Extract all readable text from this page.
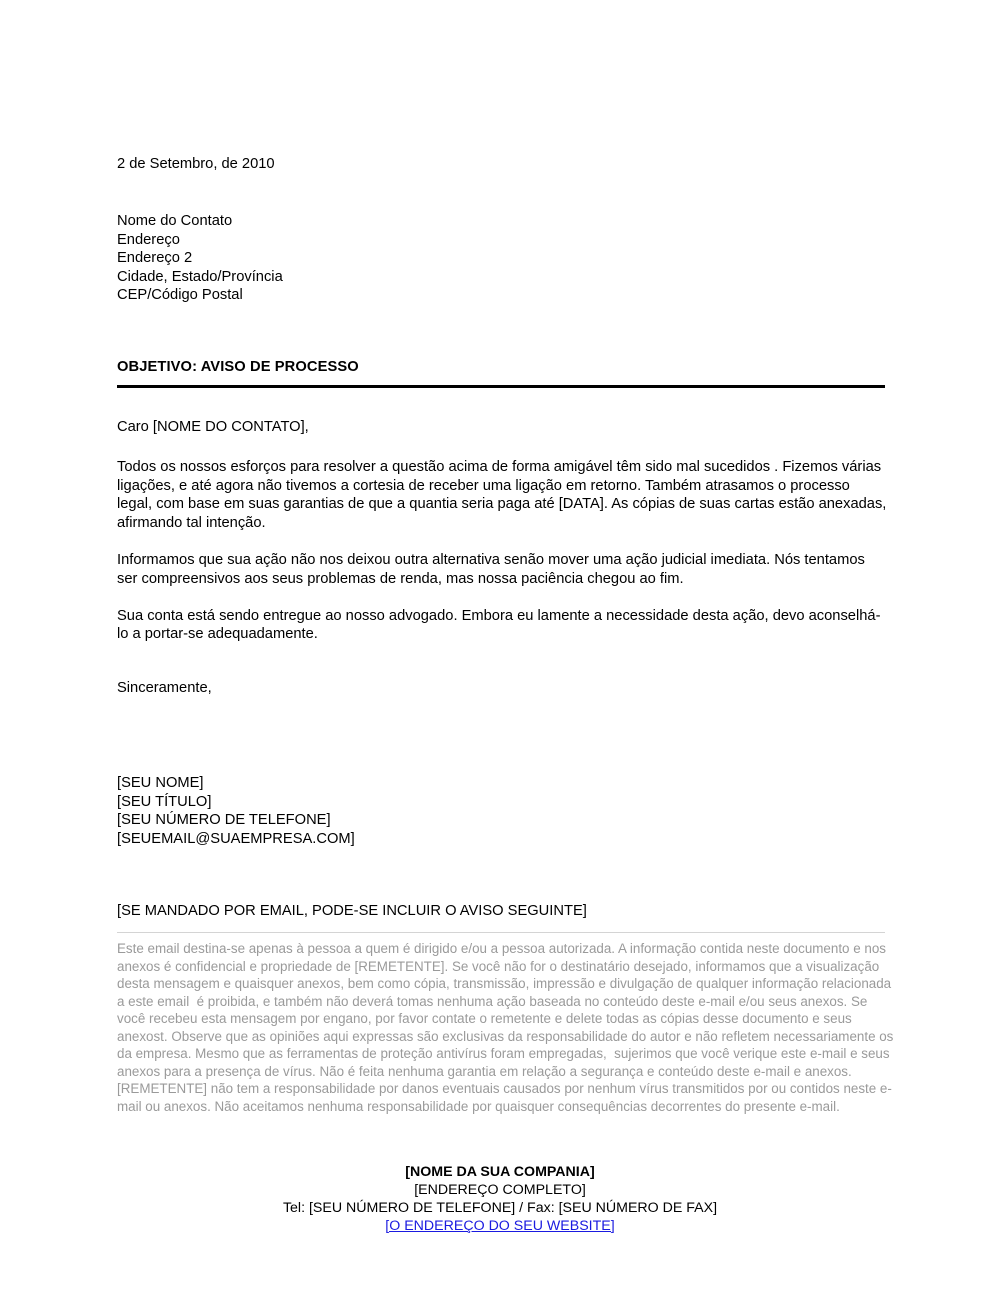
2 de Setembro, de 2010
Nome do Contato
Endereço
Endereço 2
Cidade, Estado/Província
CEP/Código Postal
OBJETIVO: AVISO DE PROCESSO
Caro [NOME DO CONTATO],

Todos os nossos esforços para resolver a questão acima de forma amigável têm sido mal sucedidos . Fizemos várias ligações, e até agora não tivemos a cortesia de receber uma ligação em retorno. Também atrasamos o processo legal, com base em suas garantias de que a quantia seria paga até [DATA]. As cópias de suas cartas estão anexadas, afirmando tal intenção.

Informamos que sua ação não nos deixou outra alternativa senão mover uma ação judicial imediata. Nós tentamos ser compreensivos aos seus problemas de renda, mas nossa paciência chegou ao fim.

Sua conta está sendo entregue ao nosso advogado. Embora eu lamente a necessidade desta ação, devo aconselhá-lo a portar-se adequadamente.

Sinceramente,
[SEU NOME]
[SEU TÍTULO]
[SEU NÚMERO DE TELEFONE]
[SEUEMAIL@SUAEMPRESA.COM]
[SE MANDADO POR EMAIL, PODE-SE INCLUIR O AVISO SEGUINTE]

Este email destina-se apenas à pessoa a quem é dirigido e/ou a pessoa autorizada. A informação contida neste documento e nos anexos é confidencial e propriedade de [REMETENTE]. Se você não for o destinatário desejado, informamos que a visualização desta mensagem e quaisquer anexos, bem como cópia, transmissão, impressão e divulgação de qualquer informação relacionada a este email  é proibida, e também não deverá tomas nenhuma ação baseada no conteúdo deste e-mail e/ou seus anexos. Se você recebeu esta mensagem por engano, por favor contate o remetente e delete todas as cópias desse documento e seus anexost. Observe que as opiniões aqui expressas são exclusivas da responsabilidade do autor e não refletem necessariamente os da empresa. Mesmo que as ferramentas de proteção antivírus foram empregadas,  sujerimos que você verique este e-mail e seus anexos para a presença de vírus. Não é feita nenhuma garantia em relação a segurança e conteúdo deste e-mail e anexos. [REMETENTE] não tem a responsabilidade por danos eventuais causados por nenhum vírus transmitidos por ou contidos neste e-mail ou anexos. Não aceitamos nenhuma responsabilidade por quaisquer consequências decorrentes do presente e-mail.

[NOME DA SUA COMPANIA]
[ENDEREÇO COMPLETO]
Tel: [SEU NÚMERO DE TELEFONE] / Fax: [SEU NÚMERO DE FAX]
[O ENDEREÇO DO SEU WEBSITE]
